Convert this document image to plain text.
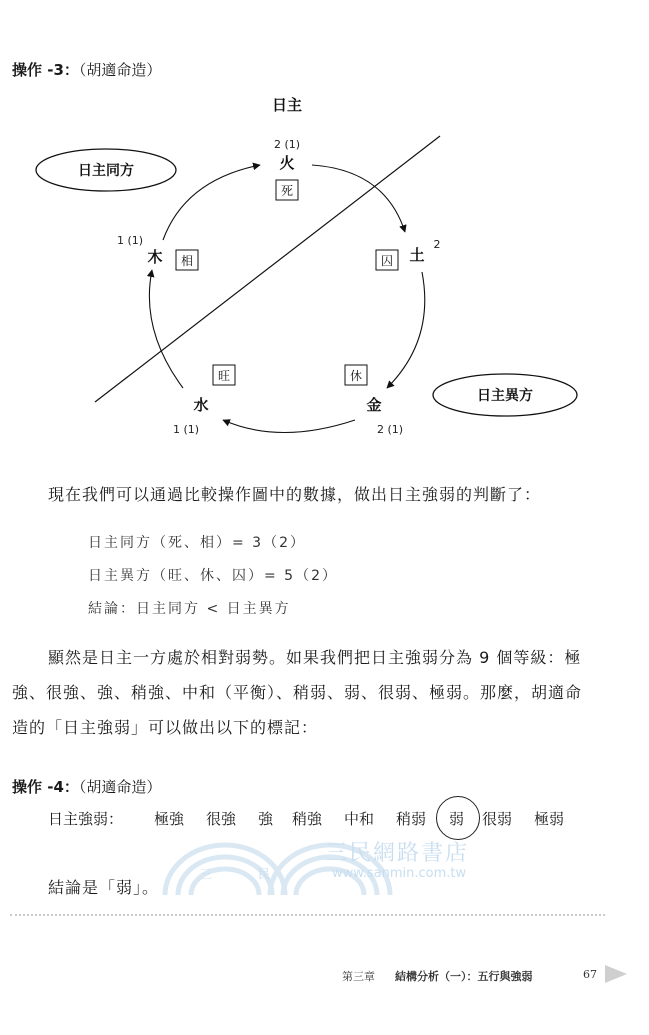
操作 -3：（胡適命造）
日主
日主同方
日主異方
2 (1)
火
死
囚 土
2
休
金
2 (1)
旺
水
1 (1)
1 (1)
木 相
現在我們可以通過比較操作圖中的數據，做出日主強弱的判斷了：
日主同方（死、相）= 3（2）
日主異方（旺、休、囚）= 5（2）
結論：日主同方 < 日主異方
顯然是日主一方處於相對弱勢。如果我們把日主強弱分為 9 個等級：極
強、很強、強、稍強、中和（平衡）、稍弱、弱、很弱、極弱。那麼，胡適命
造的「日主強弱」可以做出以下的標記：
操作 -4：（胡適命造）
日主強弱： 極強 很強 強 稍強 中和 稍弱 弱 很弱 極弱
三	民
三民網路書店
www.sanmin.com.tw
結論是「弱」。
第三章 結構分析（一）：五行與強弱	67
